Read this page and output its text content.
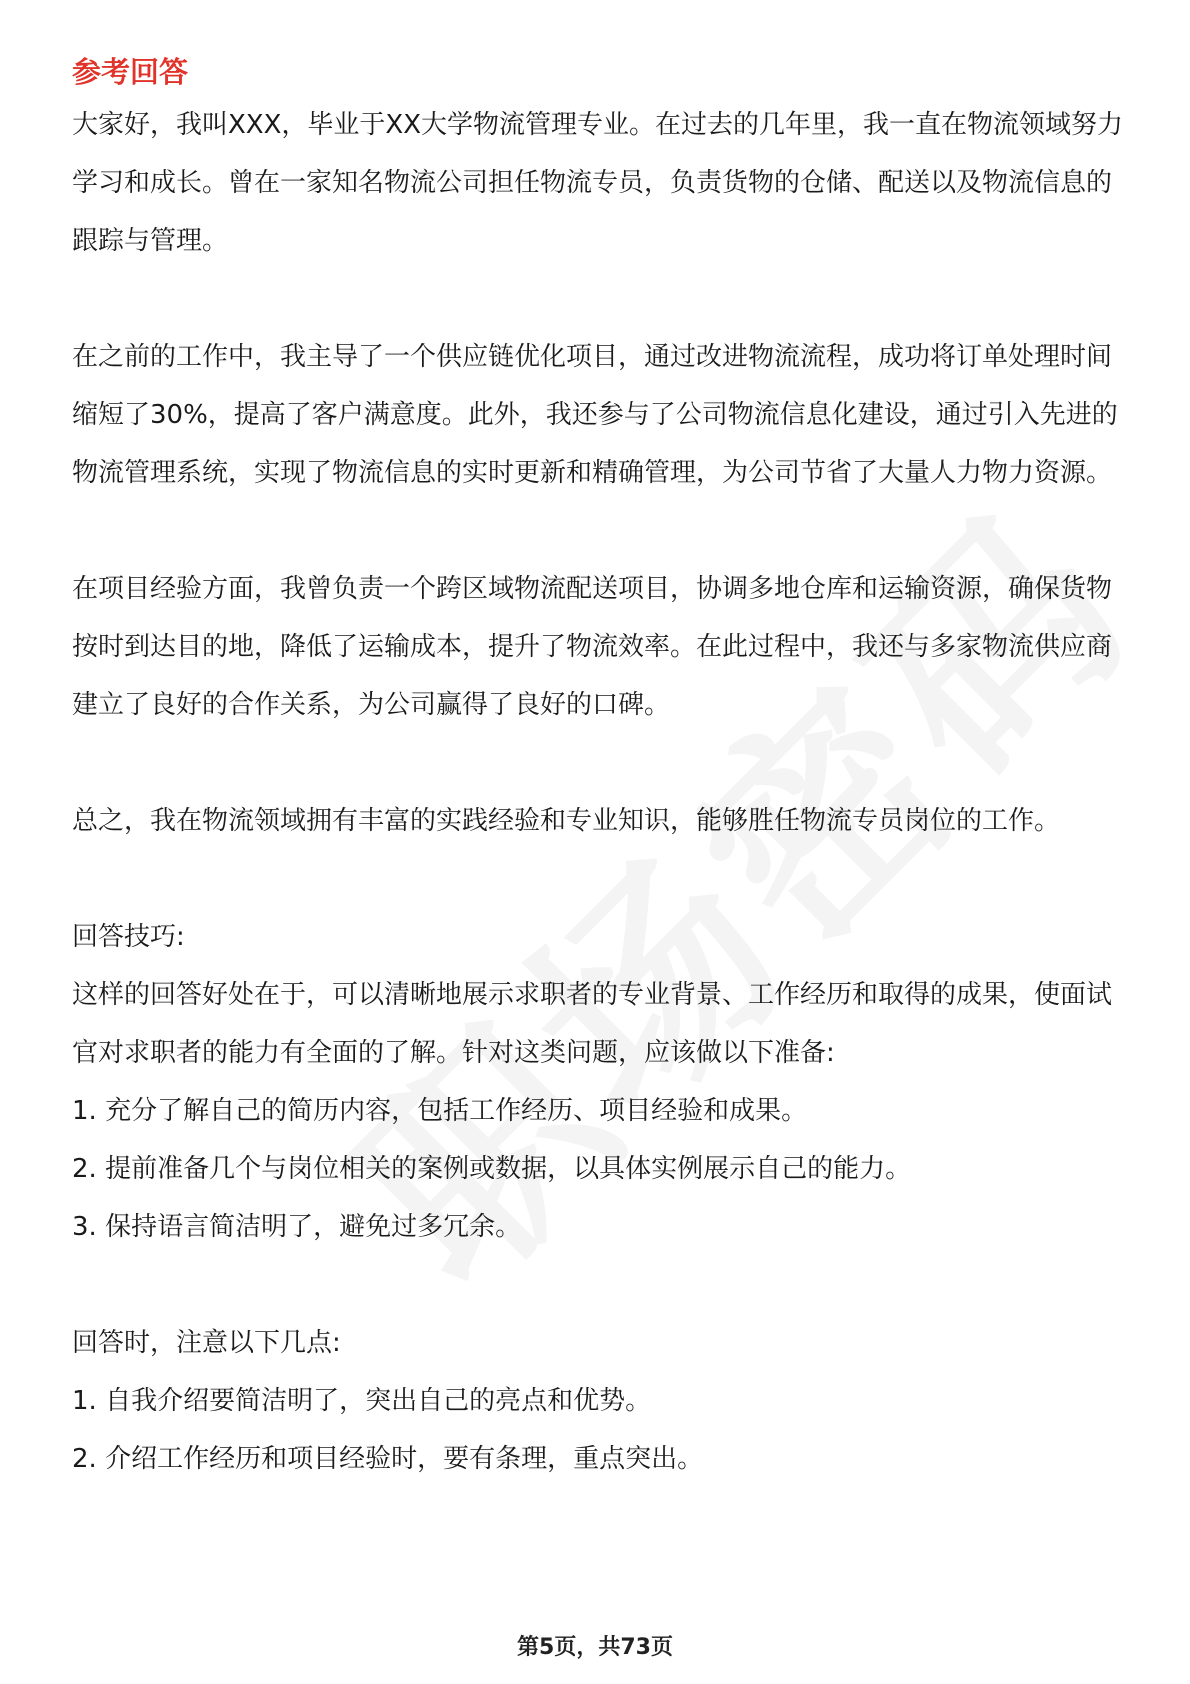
参考回答

大家好，我叫XXX，毕业于XX大学物流管理专业。在过去的几年里，我一直在物流领域努力学习和成长。曾在一家知名物流公司担任物流专员，负责货物的仓储、配送以及物流信息的跟踪与管理。

在之前的工作中，我主导了一个供应链优化项目，通过改进物流流程，成功将订单处理时间缩短了30%，提高了客户满意度。此外，我还参与了公司物流信息化建设，通过引入先进的物流管理系统，实现了物流信息的实时更新和精确管理，为公司节省了大量人力物力资源。

在项目经验方面，我曾负责一个跨区域物流配送项目，协调多地仓库和运输资源，确保货物按时到达目的地，降低了运输成本，提升了物流效率。在此过程中，我还与多家物流供应商建立了良好的合作关系，为公司赢得了良好的口碑。

总之，我在物流领域拥有丰富的实践经验和专业知识，能够胜任物流专员岗位的工作。

回答技巧:

这样的回答好处在于，可以清晰地展示求职者的专业背景、工作经历和取得的成果，使面试官对求职者的能力有全面的了解。针对这类问题，应该做以下准备:

1. 充分了解自己的简历内容，包括工作经历、项目经验和成果。
2. 提前准备几个与岗位相关的案例或数据，以具体实例展示自己的能力。
3. 保持语言简洁明了，避免过多冗余。

回答时，注意以下几点:

1. 自我介绍要简洁明了，突出自己的亮点和优势。
2. 介绍工作经历和项目经验时，要有条理，重点突出。
第5页，共73页
